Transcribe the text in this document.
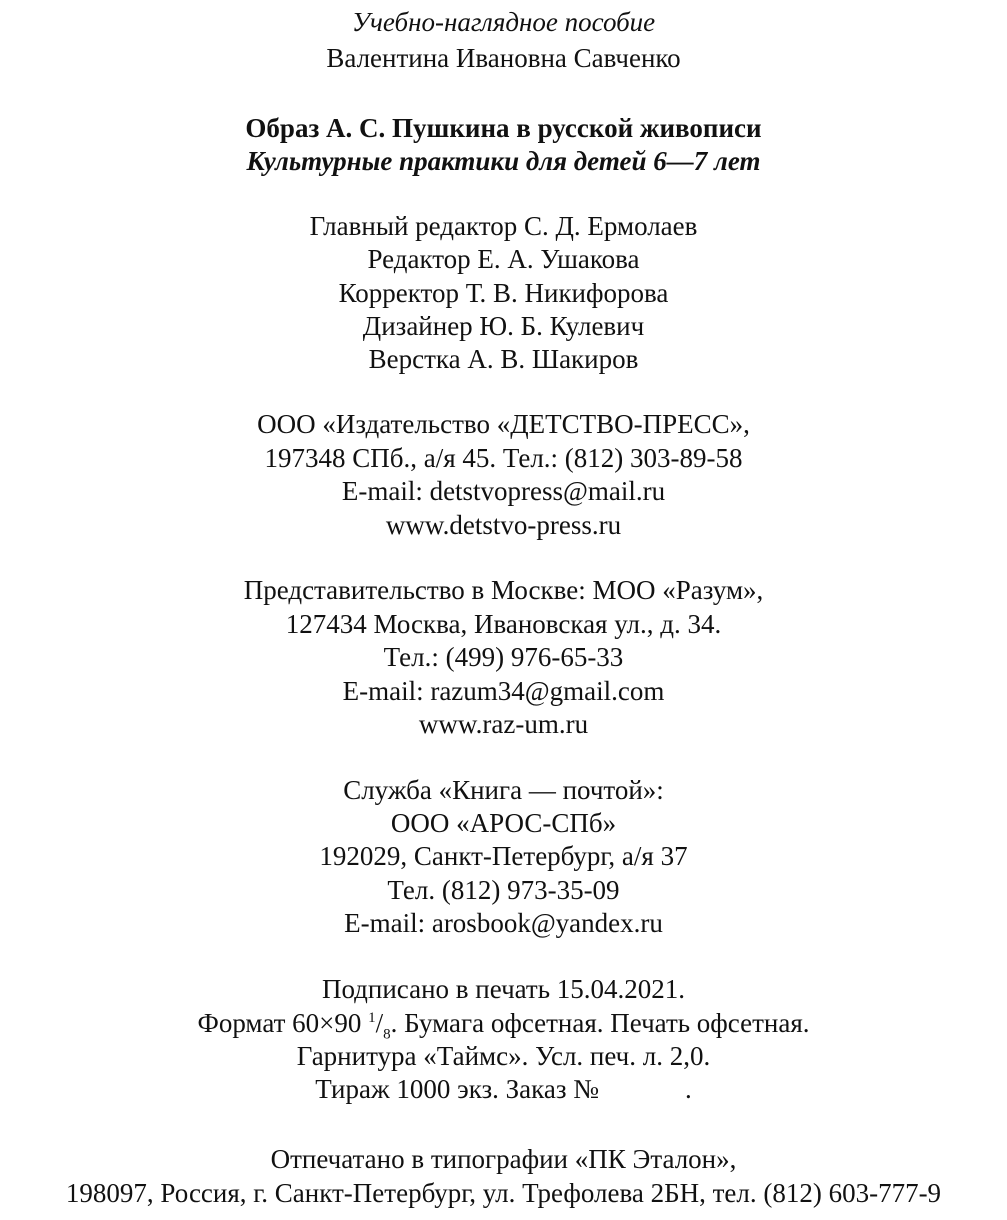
Учебно-наглядное пособие
Валентина Ивановна Савченко
Образ А. С. Пушкина в русской живописи
Культурные практики для детей 6—7 лет
Главный редактор С. Д. Ермолаев
Редактор Е. А. Ушакова
Корректор Т. В. Никифорова
Дизайнер Ю. Б. Кулевич
Верстка А. В. Шакиров
ООО «Издательство «ДЕТСТВО-ПРЕСС»,
197348 СПб., а/я 45. Тел.: (812) 303-89-58
E-mail: detstvopress@mail.ru
www.detstvo-press.ru
Представительство в Москве: МОО «Разум»,
127434 Москва, Ивановская ул., д. 34.
Тел.: (499) 976-65-33
E-mail: razum34@gmail.com
www.raz-um.ru
Служба «Книга — почтой»:
ООО «АРОС-СПб»
192029, Санкт-Петербург, а/я 37
Тел. (812) 973-35-09
E-mail: arosbook@yandex.ru
Подписано в печать 15.04.2021.
Формат 60×90 $^1/_8$. Бумага офсетная. Печать офсетная.
Гарнитура «Таймс». Усл. печ. л. 2,0.
Тираж 1000 экз. Заказ №	.
Отпечатано в типографии «ПК Эталон»,
198097, Россия, г. Санкт-Петербург, ул. Трефолева 2БН, тел. (812) 603-777-9
